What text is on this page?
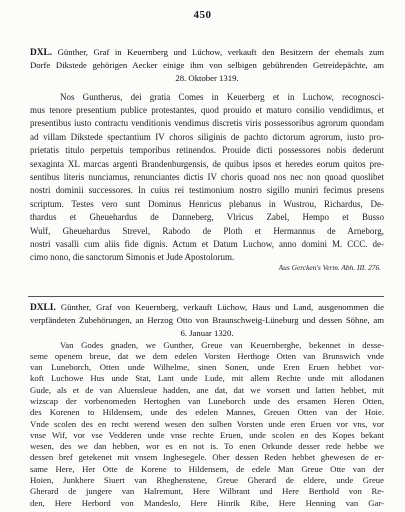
450
DXL. Günther, Graf in Keuernberg und Lüchow, verkauft den Besitzern der ehemals zum
Dorfe Dikstede gehörigen Aecker einige ihm von selbigen gebührenden Getreidepächte, am
28. Oktober 1319.
Nos Guntherus, dei gratia Comes in Keuerberg et in Luchow, recognosci-
mus tenore presentium publice protestantes, quod prouido et maturo consilio vendidimus, et
presentibus iusto contractu venditionis vendimus discretis viris possessoribus agrorum quondam
ad villam Dikstede spectantium IV choros siliginis de pachto dictorum agrorum, iusto pro-
prietatis titulo perpetuis temporibus retinendos. Prouide dicti possessores nobis dederunt
sexaginta XL marcas argenti Brandenburgensis, de quibus ipsos et heredes eorum quitos pre-
sentibus literis nunciamus, renunciantes dictis IV choris quoad nos nec non quoad quoslibet
nostri dominii successores. In cuius rei testimonium nostro sigillo muniri fecimus presens
scriptum. Testes vero sunt Dominus Henricus plebanus in Wustrou, Richardus, De-
thardus et Gheuehardus de Danneberg, Vlricus Zabel, Hempo et Busso
Wulf, Gheuehardus Strevel, Rabodo de Ploth et Hermannus de Arneborg,
nostri vasalli cum aliis fide dignis. Actum et Datum Luchow, anno domini M. CCC. de-
cimo nono, die sanctorum Simonis et Jude Apostolorum.
Aus Gercken's Verm. Abh. III. 276.
DXLI. Günther, Graf von Keuernberg, verkauft Lüchow, Haus und Land, ausgenommen die
verpfändeten Zubehörungen, an Herzog Otto von Braunschweig-Lüneburg und dessen Söhne, am
6. Januar 1320.
Van Godes gnaden, we Gunther, Greue van Keuernberghe, bekennet in desse-
seme openem breue, dat we dem edelen Vorsten Herthoge Otten van Brunswich vnde
van Luneborch, Otten unde Wilhelme, sinen Sonen, unde Eren Eruen hebbet vor-
koft Luchowe Hus unde Stat, Lant unde Lude, mit allem Rechte unde mit allodanen
Gude, als et de van Aluensleue hadden, ane dat, dat we vorsett und latten hebbet, mit
wizscap der vorbenomeden Hertoghen van Luneborch unde des ersamen Heren Otten,
des Korenen to Hildensem, unde des edelen Mannes, Greuen Otten van der Hoie.
Vnde scolen des en recht werend wesen den sulben Vorsten unde eren Eruen vor vns, vor
vnse Wif, vor vse Vedderen unde vnse rechte Eruen, unde scolen en des Kopes bekant
wesen, des we dan hebben, wor es en not is. To enen Orkunde desser rede hebbe we
dessen bref getekenet mit vnsem Inghesegele. Ober dessen Reden hebbet ghewesen de er-
same Here, Her Otte de Korene to Hildensem, de edele Man Greue Otte van der
Hoien, Junkhere Siuert van Rheghenstene, Greue Gherard de eldere, unde Greue
Gherard de jungere van Halremunt, Here Wilbrant und Here Berthold von Re-
den, Here Herbord von Mandeslo, Here Hinrik Ribe, Here Henning van Gar-
